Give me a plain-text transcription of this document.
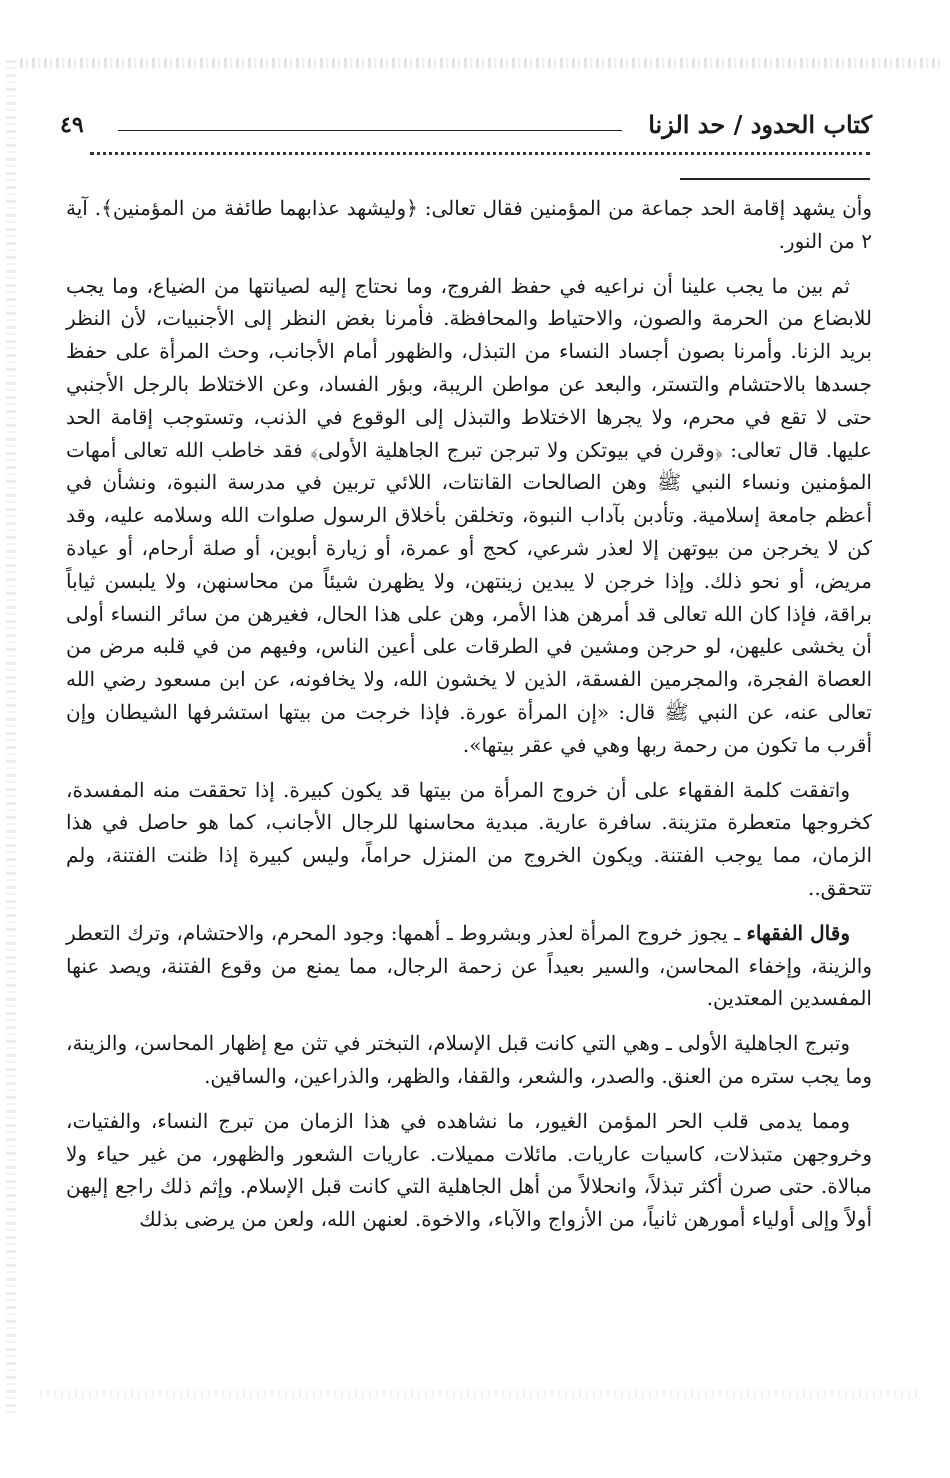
كتاب الحدود / حد الزنا
٤٩

وأن يشهد إقامة الحد جماعة من المؤمنين فقال تعالى: ﴿وليشهد عذابهما طائفة من المؤمنين﴾. آية ٢ من النور.

ثم بين ما يجب علينا أن نراعيه في حفظ الفروج، وما نحتاج إليه لصيانتها من الضياع، وما يجب للابضاع من الحرمة والصون، والاحتياط والمحافظة. فأمرنا بغض النظر إلى الأجنبيات، لأن النظر بريد الزنا. وأمرنا بصون أجساد النساء من التبذل، والظهور أمام الأجانب، وحث المرأة على حفظ جسدها بالاحتشام والتستر، والبعد عن مواطن الريبة، وبؤر الفساد، وعن الاختلاط بالرجل الأجنبي حتى لا تقع في محرم، ولا يجرها الاختلاط والتبذل إلى الوقوع في الذنب، وتستوجب إقامة الحد عليها. قال تعالى: ﴿وقرن في بيوتكن ولا تبرجن تبرج الجاهلية الأولى﴾ فقد خاطب الله تعالى أمهات المؤمنين ونساء النبي ﷺ وهن الصالحات القانتات، اللائي تربين في مدرسة النبوة، ونشأن في أعظم جامعة إسلامية. وتأدبن بآداب النبوة، وتخلقن بأخلاق الرسول صلوات الله وسلامه عليه، وقد كن لا يخرجن من بيوتهن إلا لعذر شرعي، كحج أو عمرة، أو زيارة أبوين، أو صلة أرحام، أو عيادة مريض، أو نحو ذلك. وإذا خرجن لا يبدين زينتهن، ولا يظهرن شيئاً من محاسنهن، ولا يلبسن ثياباً براقة، فإذا كان الله تعالى قد أمرهن هذا الأمر، وهن على هذا الحال، فغيرهن من سائر النساء أولى أن يخشى عليهن، لو حرجن ومشين في الطرقات على أعين الناس، وفيهم من في قلبه مرض من العصاة الفجرة، والمجرمين الفسقة، الذين لا يخشون الله، ولا يخافونه، عن ابن مسعود رضي الله تعالى عنه، عن النبي ﷺ قال: «إن المرأة عورة. فإذا خرجت من بيتها استشرفها الشيطان وإن أقرب ما تكون من رحمة ربها وهي في عقر بيتها».

واتفقت كلمة الفقهاء على أن خروج المرأة من بيتها قد يكون كبيرة. إذا تحققت منه المفسدة، كخروجها متعطرة متزينة. سافرة عارية. مبدية محاسنها للرجال الأجانب، كما هو حاصل في هذا الزمان، مما يوجب الفتنة. ويكون الخروج من المنزل حراماً، وليس كبيرة إذا ظنت الفتنة، ولم تتحقق..

وقال الفقهاء ـ يجوز خروج المرأة لعذر وبشروط ـ أهمها: وجود المحرم، والاحتشام، وترك التعطر والزينة، وإخفاء المحاسن، والسير بعيداً عن زحمة الرجال، مما يمنع من وقوع الفتنة، ويصد عنها المفسدين المعتدين.

وتبرج الجاهلية الأولى ـ وهي التي كانت قبل الإسلام، التبختر في تثن مع إظهار المحاسن، والزينة، وما يجب ستره من العنق. والصدر، والشعر، والقفا، والظهر، والذراعين، والساقين.

ومما يدمى قلب الحر المؤمن الغيور، ما نشاهده في هذا الزمان من تبرج النساء، والفتيات، وخروجهن متبذلات، كاسيات عاريات. مائلات مميلات. عاريات الشعور والظهور، من غير حياء ولا مبالاة. حتى صرن أكثر تبذلاً، وانحلالاً من أهل الجاهلية التي كانت قبل الإسلام. وإثم ذلك راجع إليهن أولاً وإلى أولياء أمورهن ثانياً، من الأزواج والآباء، والاخوة. لعنهن الله، ولعن من يرضى بذلك
